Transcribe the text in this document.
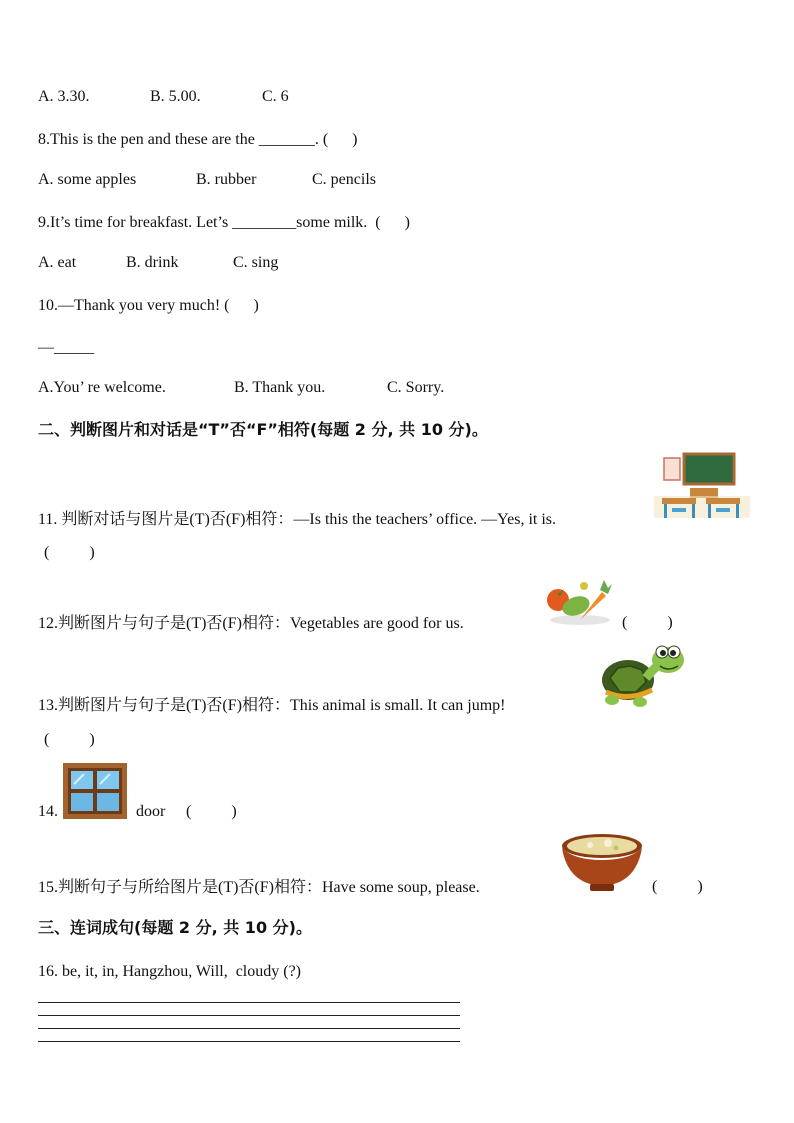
A. 3.30.	B. 5.00.	C. 6
8.This is the pen and these are the _______. (      )
A. some apples	B. rubber	C. pencils
9.It’s time for breakfast. Let’s ________some milk.  (      )
A. eat	B. drink	C. sing
10.—Thank you very much! (      )
—_____
A.You’ re welcome.	B. Thank you.	C. Sorry.
二、判断图片和对话是“T”否“F”相符(每题 2 分, 共 10 分)。
11. 判断对话与图片是(T)否(F)相符：—Is this the teachers’ office. —Yes, it is.
(          )
12.判断图片与句子是(T)否(F)相符：Vegetables are good for us.	(          )
13.判断图片与句子是(T)否(F)相符：This animal is small. It can jump!
(          )
14.	door (          )
15.判断句子与所给图片是(T)否(F)相符：Have some soup, please.	(          )
三、连词成句(每题 2 分, 共 10 分)。
16. be, it, in, Hangzhou, Will,  cloudy (?)
